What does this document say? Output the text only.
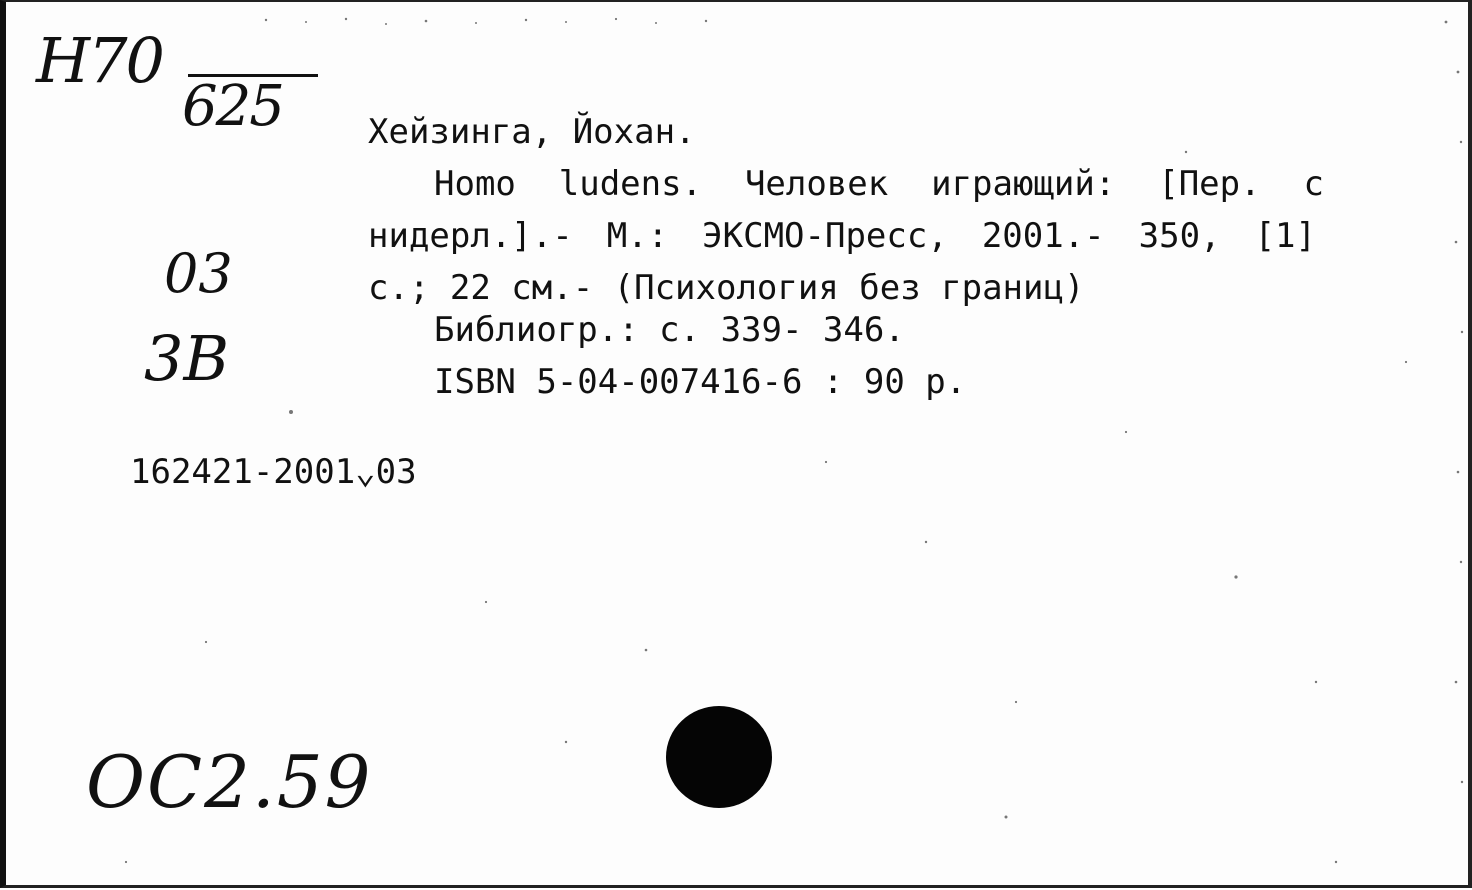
Н70
625
03
3В
Хейзинга, Йохан.
Homo ludens. Человек играющий: [Пер. с
нидерл.].- М.: ЭКСМО-Пресс, 2001.- 350, [1]
с.; 22 см.- (Психология без границ)
Библиогр.: с. 339- 346.
ISBN 5-04-007416-6 : 90 р.
162421-2001⌄03
ОС2.59
